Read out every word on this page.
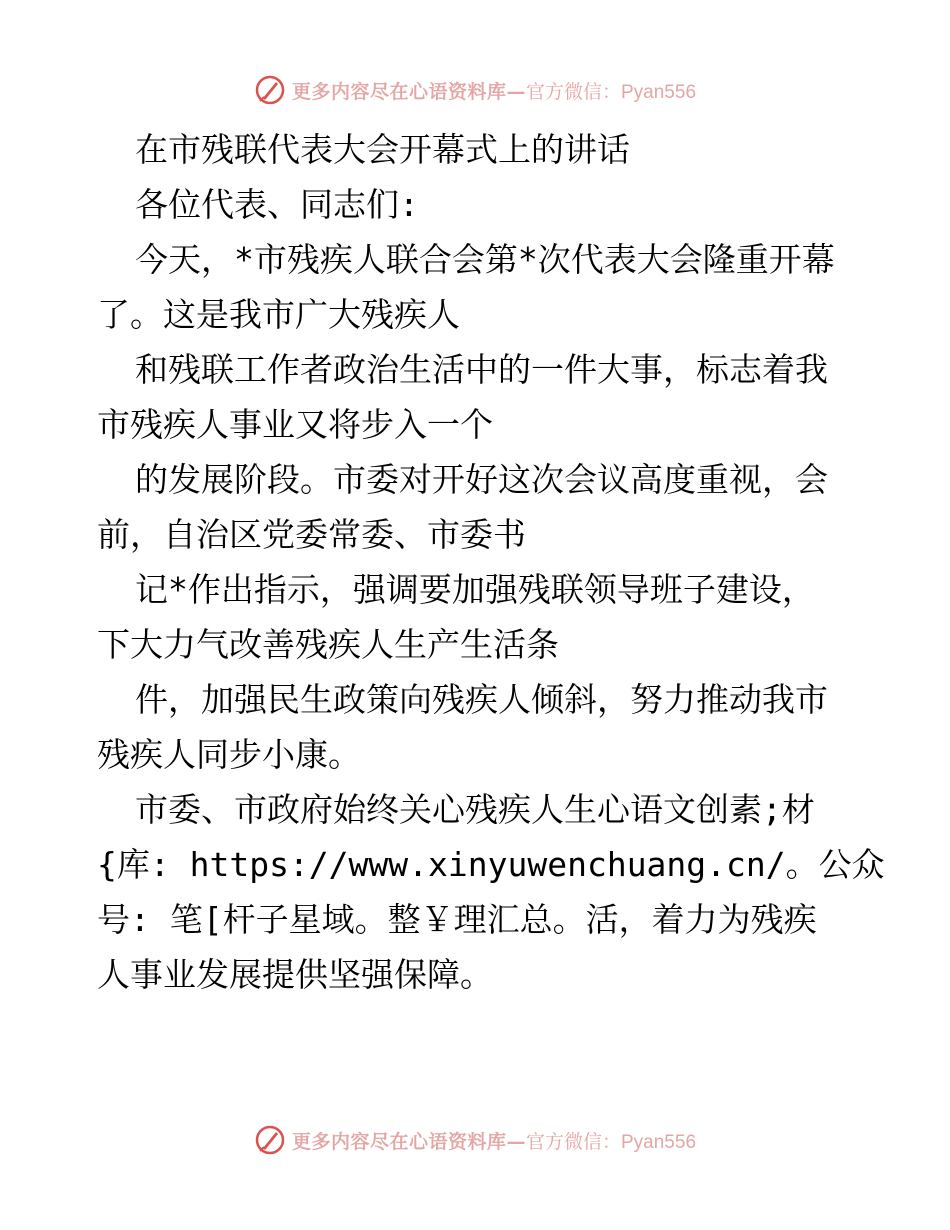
更多内容尽在心语资料库— 官方微信：Pyan556
在市残联代表大会开幕式上的讲话
各位代表、同志们:
今天，*市残疾人联合会第*次代表大会隆重开幕
了。这是我市广大残疾人
和残联工作者政治生活中的一件大事，标志着我
市残疾人事业又将步入一个
的发展阶段。市委对开好这次会议高度重视，会
前，自治区党委常委、市委书
记*作出指示，强调要加强残联领导班子建设，
下大力气改善残疾人生产生活条
件，加强民生政策向残疾人倾斜，努力推动我市
残疾人同步小康。
市委、市政府始终关心残疾人生心语文创素;材
{库: https://www.xinyuwenchuang.cn/。公众
号: 笔[杆子星域。整￥理汇总。活，着力为残疾
人事业发展提供坚强保障。
更多内容尽在心语资料库— 官方微信：Pyan556
